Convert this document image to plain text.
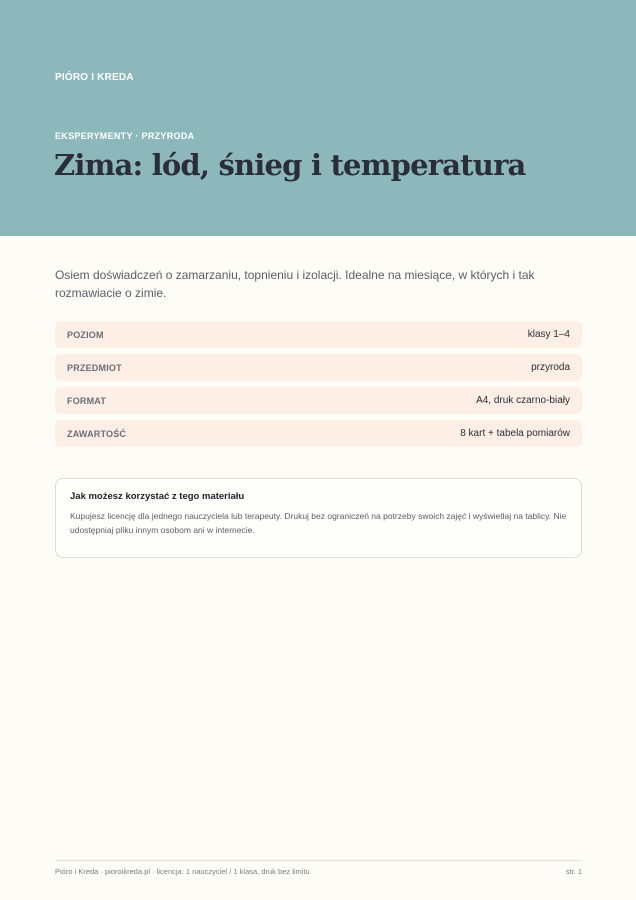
PIÓRO I KREDA
EKSPERYMENTY · PRZYRODA
Zima: lód, śnieg i temperatura

Osiem doświadczeń o zamarzaniu, topnieniu i izolacji. Idealne na miesiące, w których i tak rozmawiacie o zimie.

POZIOM	klasy 1–4
PRZEDMIOT	przyroda
FORMAT	A4, druk czarno-biały
ZAWARTOŚĆ	8 kart + tabela pomiarów
Jak możesz korzystać z tego materiału

Kupujesz licencję dla jednego nauczyciela lub terapeuty. Drukuj bez ograniczeń na potrzeby swoich zajęć i wyświetlaj na tablicy. Nie udostępniaj pliku innym osobom ani w internecie.

Pióro i Kreda · pioroikreda.pl · licencja: 1 nauczyciel / 1 klasa, druk bez limitu	str. 1
